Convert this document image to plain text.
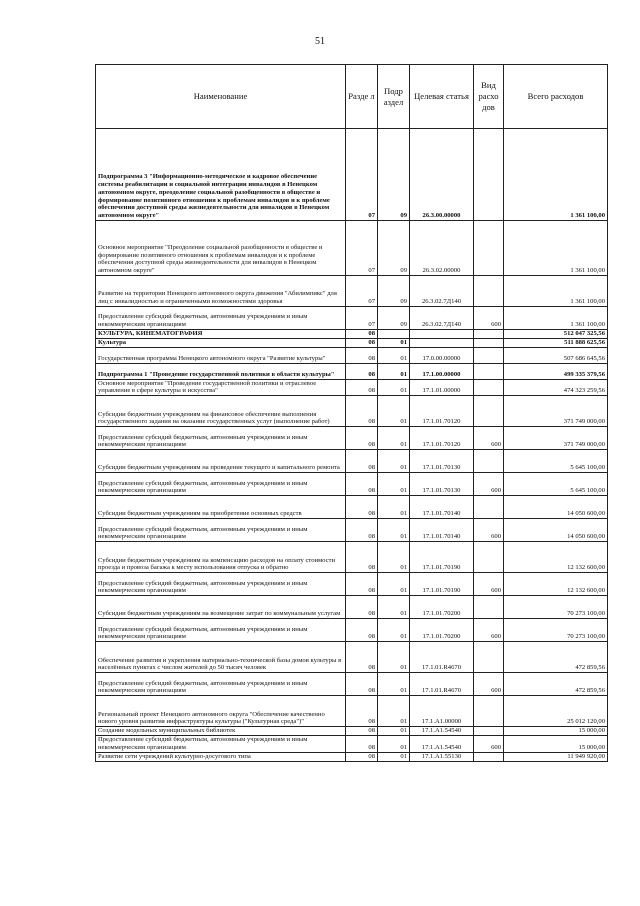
51
Наименование	Разде л	Подр аздел	Целевая статья	Вид расхо дов	Всего расходов
Подпрограмма 3 "Информационно-методическое и кадровое обеспечение системы реабилитации и социальной интеграции инвалидов в Ненецком автономном округе, преодоление социальной разобщенности в обществе и формирование позитивного отношения к проблемам инвалидов и к проблеме обеспечения доступной среды жизнедеятельности для инвалидов в Ненецком автономном округе"	07	09	26.3.00.00000		1 361 100,00
Основное мероприятие "Преодоление социальной разобщенности в обществе и формирование позитивного отношения к проблемам инвалидов и к проблеме обеспечения доступной среды жизнедеятельности для инвалидов в Ненецком автономном округе"	07	09	26.3.02.00000		1 361 100,00
Развитие на территории Ненецкого автономного округа движения "Абилимпикс" для лиц с инвалидностью и ограниченными возможностями здоровья	07	09	26.3.02.7Д140		1 361 100,00
Предоставление субсидий бюджетным, автономным учреждениям и иным некоммерческим организациям	07	09	26.3.02.7Д140	600	1 361 100,00
КУЛЬТУРА, КИНЕМАТОГРАФИЯ	08				512 047 325,56
Культура	08	01			511 888 625,56
Государственная программа Ненецкого автономного округа "Развитие культуры"	08	01	17.0.00.00000		507 686 645,56
Подпрограмма 1 "Проведение государственной политики в области культуры"	08	01	17.1.00.00000		499 335 379,56
Основное мероприятие "Проведение государственной политики и отраслевое управление в сфере культуры и искусства"	08	01	17.1.01.00000		474 323 259,56
Субсидии бюджетным учреждениям на финансовое обеспечение выполнения государственного задания на оказание государственных услуг (выполнение работ)	08	01	17.1.01.70120		371 749 000,00
Предоставление субсидий бюджетным, автономным учреждениям и иным некоммерческим организациям	08	01	17.1.01.70120	600	371 749 000,00
Субсидии бюджетным учреждениям на проведение текущего и капитального ремонта	08	01	17.1.01.70130		5 645 100,00
Предоставление субсидий бюджетным, автономным учреждениям и иным некоммерческим организациям	08	01	17.1.01.70130	600	5 645 100,00
Субсидии бюджетным учреждениям на приобретение основных средств	08	01	17.1.01.70140		14 050 600,00
Предоставление субсидий бюджетным, автономным учреждениям и иным некоммерческим организациям	08	01	17.1.01.70140	600	14 050 600,00
Субсидии бюджетным учреждениям на компенсацию расходов на оплату стоимости проезда и провоза багажа к месту использования отпуска и обратно	08	01	17.1.01.70190		12 132 600,00
Предоставление субсидий бюджетным, автономным учреждениям и иным некоммерческим организациям	08	01	17.1.01.70190	600	12 132 600,00
Субсидии бюджетным учреждениям на возмещение затрат по коммунальным услугам	08	01	17.1.01.70200		70 273 100,00
Предоставление субсидий бюджетным, автономным учреждениям и иным некоммерческим организациям	08	01	17.1.01.70200	600	70 273 100,00
Обеспечение развития и укрепления материально-технической базы домов культуры в населённых пунктах с числом жителей до 50 тысяч человек	08	01	17.1.01.R4670		472 859,56
Предоставление субсидий бюджетным, автономным учреждениям и иным некоммерческим организациям	08	01	17.1.01.R4670	600	472 859,56
Региональный проект Ненецкого автономного округа "Обеспечение качественно нового уровня развития инфраструктуры культуры ("Культурная среда")"	08	01	17.1.A1.00000		25 012 120,00
Создание модельных муниципальных библиотек	08	01	17.1.A1.54540		15 000,00
Предоставление субсидий бюджетным, автономным учреждениям и иным некоммерческим организациям	08	01	17.1.A1.54540	600	15 000,00
Развитие сети учреждений культурно-досугового типа	08	01	17.1.A1.55130		11 949 920,00
